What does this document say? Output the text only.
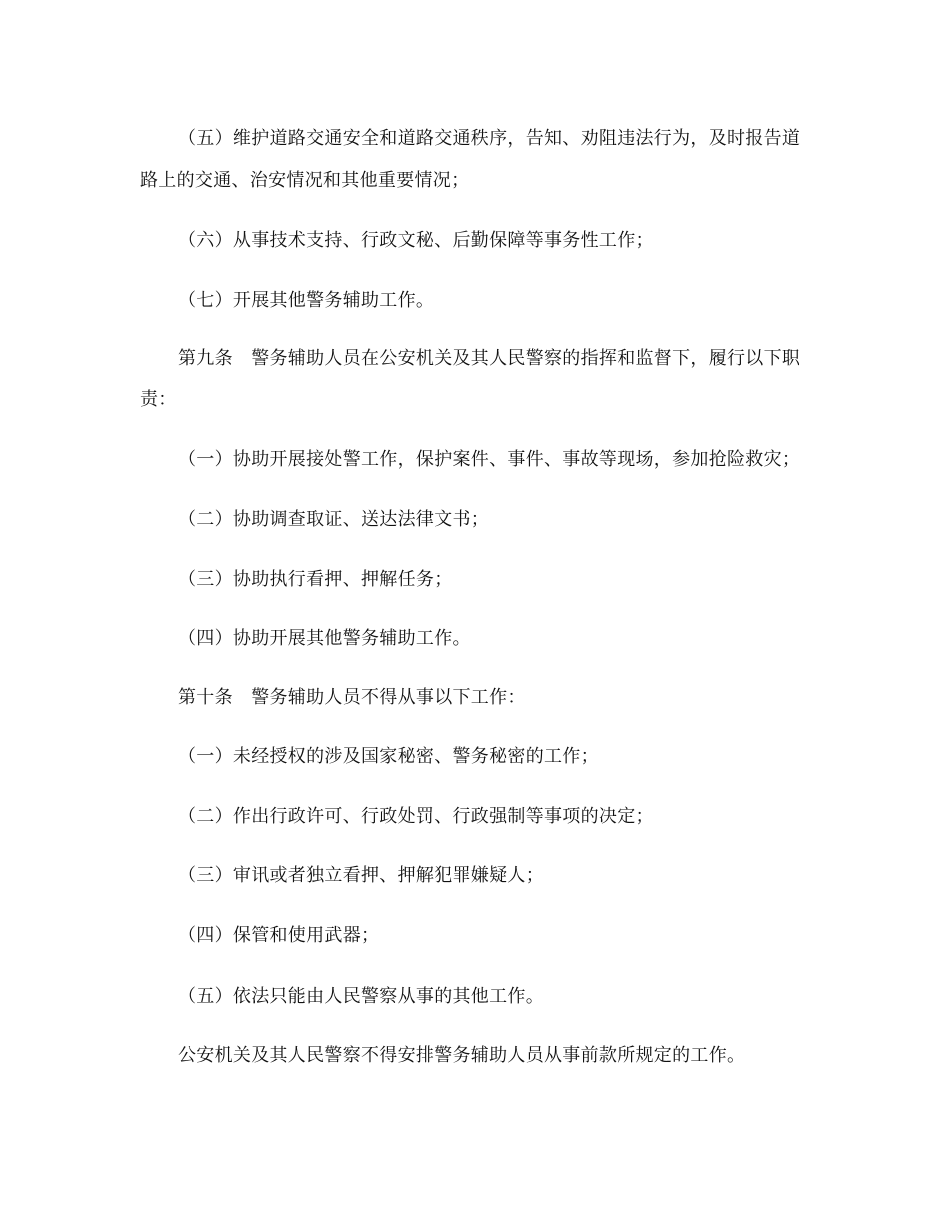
（五）维护道路交通安全和道路交通秩序，告知、劝阻违法行为，及时报告道
路上的交通、治安情况和其他重要情况；
（六）从事技术支持、行政文秘、后勤保障等事务性工作；
（七）开展其他警务辅助工作。
第九条　警务辅助人员在公安机关及其人民警察的指挥和监督下，履行以下职
责：
（一）协助开展接处警工作，保护案件、事件、事故等现场，参加抢险救灾；
（二）协助调查取证、送达法律文书；
（三）协助执行看押、押解任务；
（四）协助开展其他警务辅助工作。
第十条　警务辅助人员不得从事以下工作：
（一）未经授权的涉及国家秘密、警务秘密的工作；
（二）作出行政许可、行政处罚、行政强制等事项的决定；
（三）审讯或者独立看押、押解犯罪嫌疑人；
（四）保管和使用武器；
（五）依法只能由人民警察从事的其他工作。
公安机关及其人民警察不得安排警务辅助人员从事前款所规定的工作。
